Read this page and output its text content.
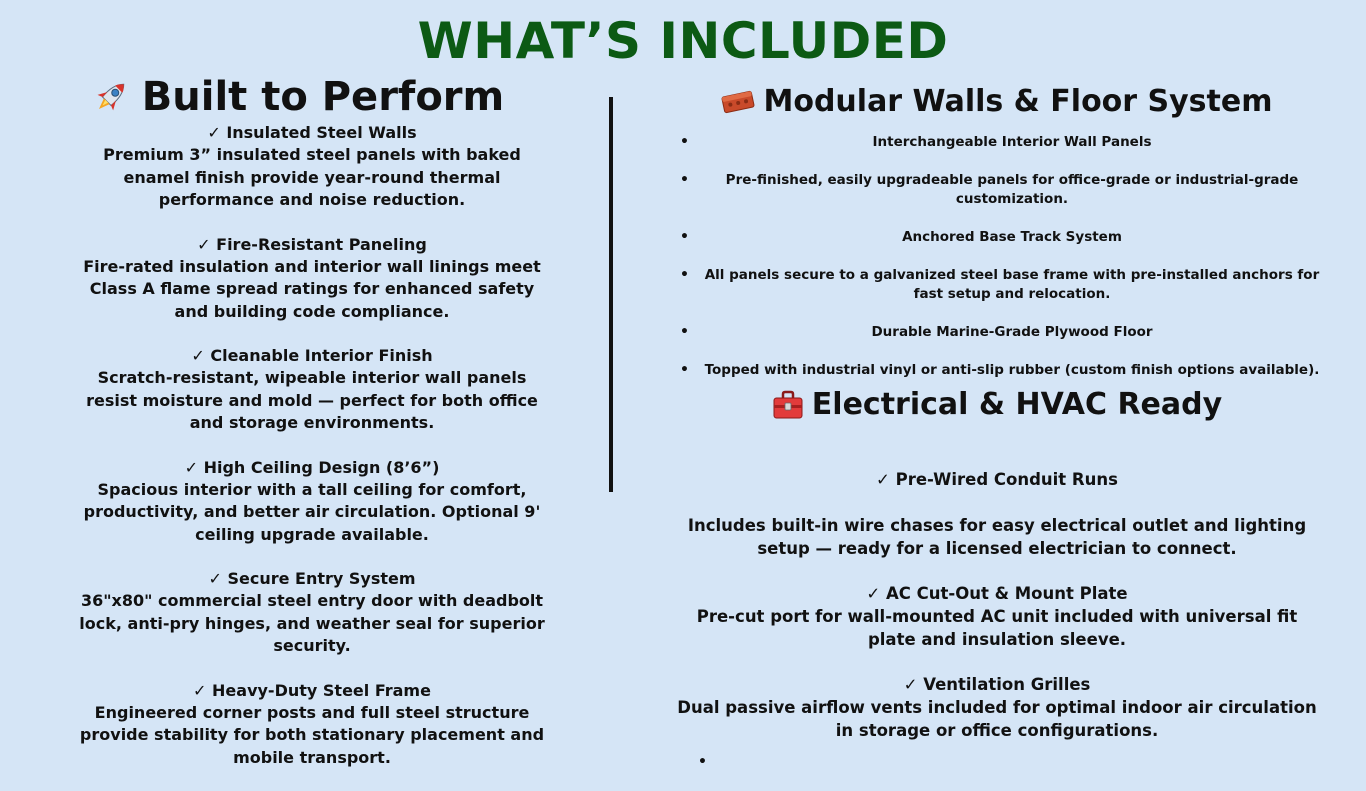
WHAT’S INCLUDED
Built to Perform
✓ Insulated Steel Walls
Premium 3” insulated steel panels with baked enamel finish provide year-round thermal performance and noise reduction.
✓ Fire-Resistant Paneling
Fire-rated insulation and interior wall linings meet Class A flame spread ratings for enhanced safety and building code compliance.
✓ Cleanable Interior Finish
Scratch-resistant, wipeable interior wall panels resist moisture and mold — perfect for both office and storage environments.
✓ High Ceiling Design (8’6”)
Spacious interior with a tall ceiling for comfort, productivity, and better air circulation. Optional 9' ceiling upgrade available.
✓ Secure Entry System
36"x80" commercial steel entry door with deadbolt lock, anti-pry hinges, and weather seal for superior security.
✓ Heavy-Duty Steel Frame
Engineered corner posts and full steel structure provide stability for both stationary placement and mobile transport.
Modular Walls & Floor System
•	Interchangeable Interior Wall Panels
•	Pre-finished, easily upgradeable panels for office-grade or industrial-grade customization.
•	Anchored Base Track System
• All panels secure to a galvanized steel base frame with pre-installed anchors for fast setup and relocation.
•	Durable Marine-Grade Plywood Floor
• Topped with industrial vinyl or anti-slip rubber (custom finish options available).
Electrical & HVAC Ready
✓ Pre-Wired Conduit Runs
Includes built-in wire chases for easy electrical outlet and lighting setup — ready for a licensed electrician to connect.
✓ AC Cut-Out & Mount Plate
Pre-cut port for wall-mounted AC unit included with universal fit plate and insulation sleeve.
✓ Ventilation Grilles
Dual passive airflow vents included for optimal indoor air circulation in storage or office configurations.
•
